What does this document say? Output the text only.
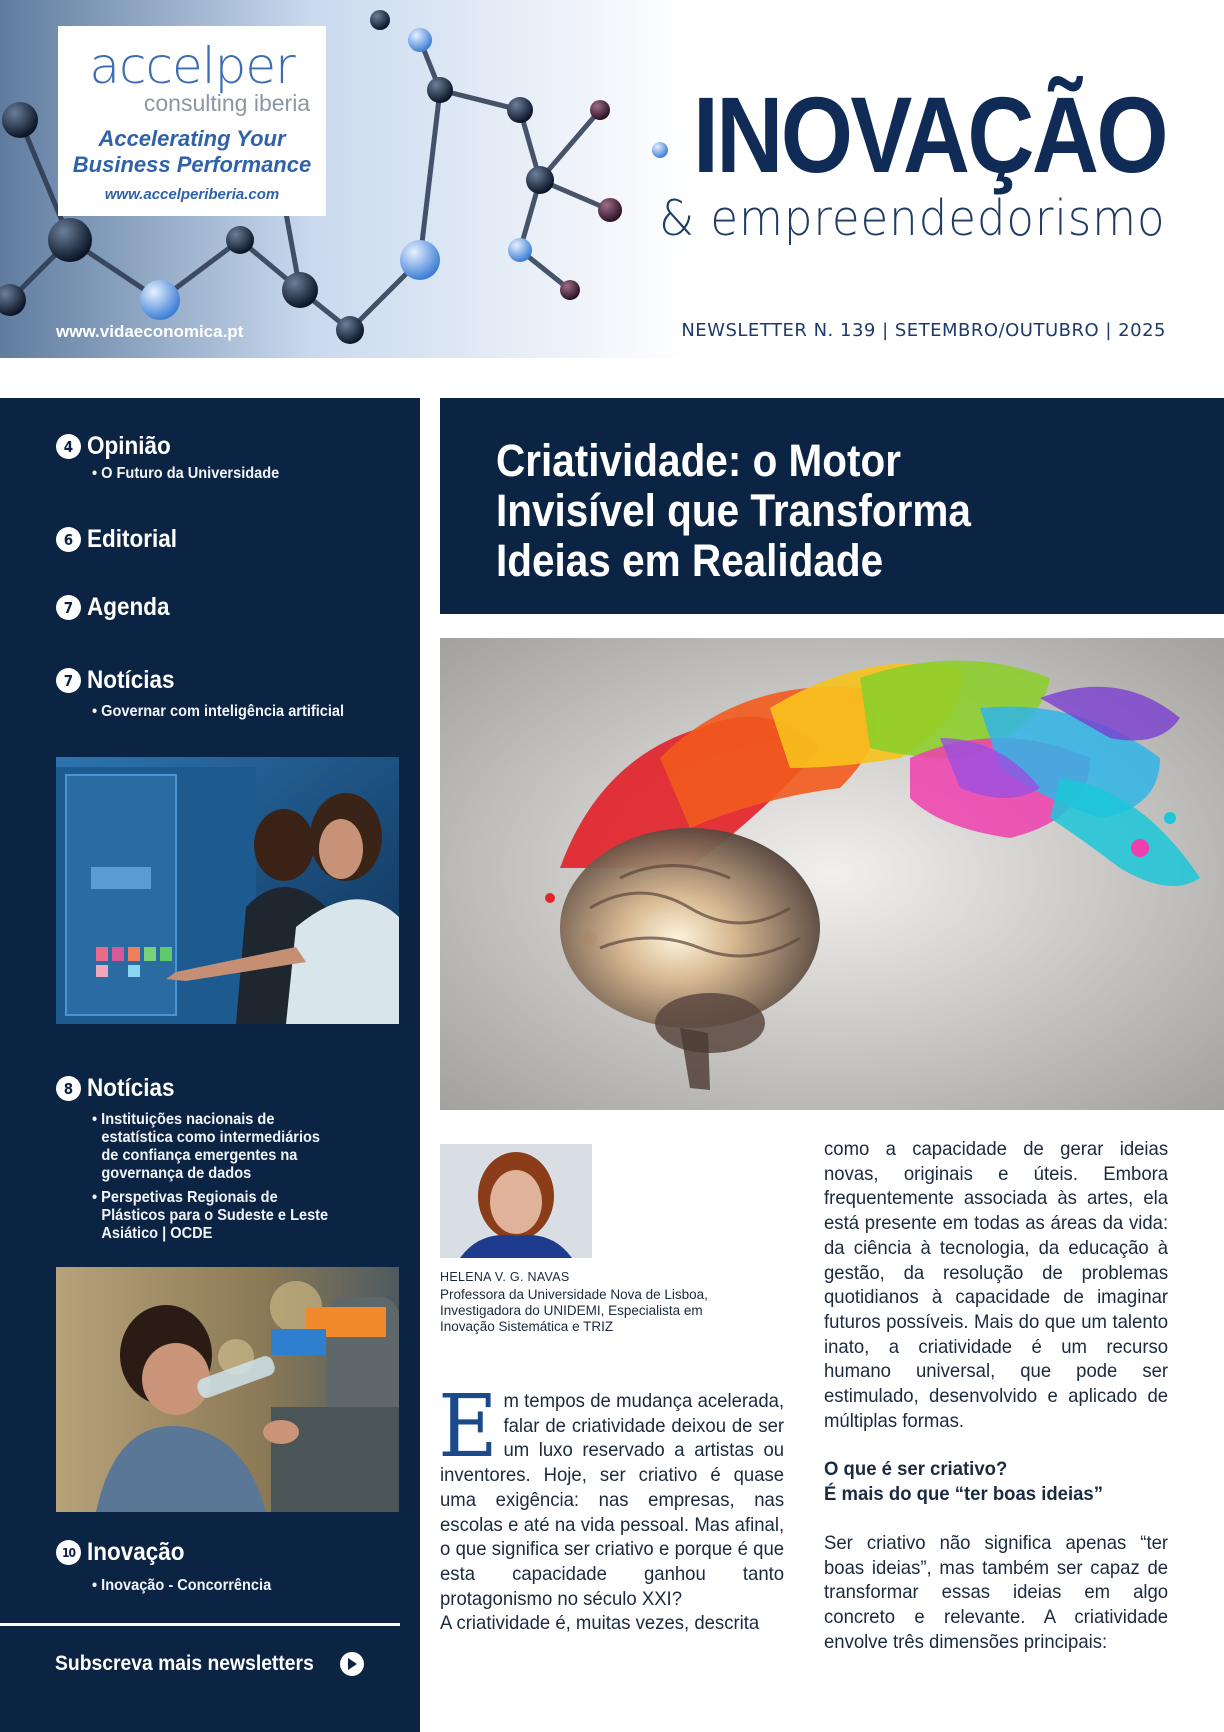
accelper
consulting iberia
Accelerating Your
Business Performance
www.accelperiberia.com
www.vidaeconomica.pt
INOVAÇÃO
& empreendedorismo
NEWSLETTER N. 139 | SETEMBRO/OUTUBRO | 2025
4 Opinião
• O Futuro da Universidade
6 Editorial
7 Agenda
7 Notícias
• Governar com inteligência artificial
8 Notícias
• Instituições nacionais de estatística como intermediários de confiança emergentes na governança de dados
• Perspetivas Regionais de Plásticos para o Sudeste e Leste Asiático | OCDE
10 Inovação
• Inovação - Concorrência
Subscreva mais newsletters
Criatividade: o Motor Invisível que Transforma Ideias em Realidade
HELENA V. G. NAVAS
Professora da Universidade Nova de Lisboa, Investigadora do UNIDEMI, Especialista em Inovação Sistemática e TRIZ

Em tempos de mudança acelerada, falar de criatividade deixou de ser um luxo reservado a artistas ou inventores. Hoje, ser criativo é quase uma exigência: nas empresas, nas escolas e até na vida pessoal. Mas afinal, o que significa ser criativo e porque é que esta capacidade ganhou tanto protagonismo no século XXI?

A criatividade é, muitas vezes, descrita

como a capacidade de gerar ideias novas, originais e úteis. Embora frequentemente associada às artes, ela está presente em todas as áreas da vida: da ciência à tecnologia, da educação à gestão, da resolução de problemas quotidianos à capacidade de imaginar futuros possíveis. Mais do que um talento inato, a criatividade é um recurso humano universal, que pode ser estimulado, desenvolvido e aplicado de múltiplas formas.

O que é ser criativo?
É mais do que “ter boas ideias”

Ser criativo não significa apenas “ter boas ideias”, mas também ser capaz de transformar essas ideias em algo concreto e relevante. A criatividade envolve três dimensões principais:
